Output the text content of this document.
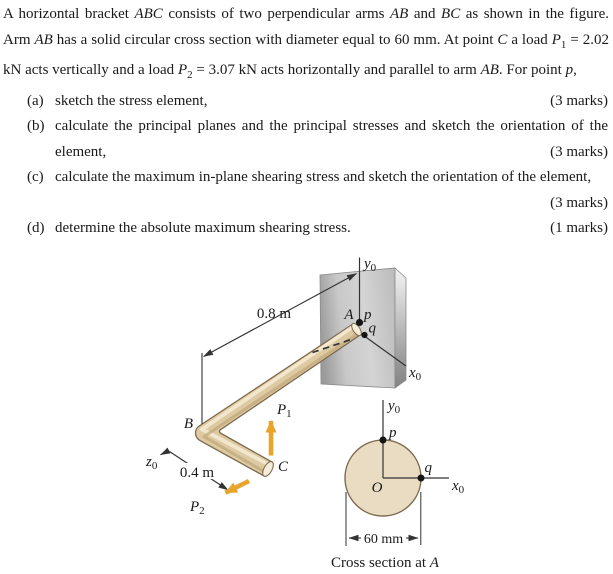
A horizontal bracket ABC consists of two perpendicular arms AB and BC as shown in the figure. Arm AB has a solid circular cross section with diameter equal to 60 mm. At point C a load $P_1 = 2.02$ kN acts vertically and a load $P_2 = 3.07$ kN acts horizontally and parallel to arm AB. For point p,
(a) sketch the stress element,	(3 marks)
(b) calculate the principal planes and the principal stresses and sketch the orientation of the element,	(3 marks)
(c) calculate the maximum in-plane shearing stress and sketch the orientation of the element,
(3 marks)
(d) determine the absolute maximum shearing stress.	(1 marks)
$y_0$
0.8 m
$x_0$
A p
q
B
$z_0$ 0.4 m
$P_1$
$P_2$
C
$y_0$
$x_0$
p
q
O
60 mm
Cross section at A
